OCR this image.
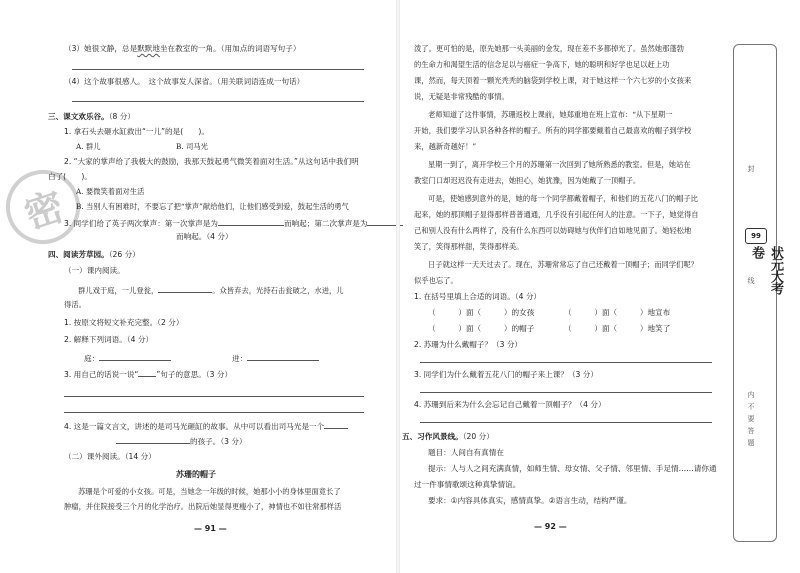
密
（3）她很文静，总是默默地坐在教室的一角。（用加点的词语写句子）
（4）这个故事很感人。　这个故事发人深省。（用关联词语连成一句话）
三、课文欢乐谷。（8 分）
1. 拿石头去砸水缸救出“一儿”的是(　　)。
A. 群儿	B. 司马光
2. “大家的掌声给了我极大的鼓励，我那天鼓起勇气微笑着面对生活。”从这句话中我们明
白了(　　)。
A. 要微笑着面对生活
B. 当别人有困难时，不要忘了把“掌声”献给他们，让他们感受到爱，鼓起生活的勇气
3. 同学们给了英子两次掌声：第一次掌声是为	而响起；第二次掌声是为
而响起。（4 分）
四、阅读芳草园。（26 分）
（一）课内阅读。
群儿戏于庭，一儿登瓮，	。众皆弃去，光持石击瓮破之，水迸，儿
得活。
1. 按原文将短文补充完整。（2 分）
2. 解释下列词语。（4 分）
庭：	迸：
3. 用自己的话说一说“ ”句子的意思。（3 分）
4. 这是一篇文言文，讲述的是司马光砸缸的故事。从中可以看出司马光是一个
的孩子。（3 分）
（二）课外阅读。（14 分）
苏珊的帽子
苏珊是个可爱的小女孩。可是，当她念一年级的时候，她那小小的身体里面竟长了
肿瘤，并住院接受三个月的化学治疗。出院后她显得更瘦小了，神情也不如往常那样活
— 91 —
泼了。更可怕的是，原先她那一头美丽的金发，现在差不多都掉光了。虽然她那蓬勃
的生命力和渴望生活的信念足以与癌症一争高下，她的聪明和好学也足以赶上功
课，然而，每天顶着一颗光秃秃的脑袋到学校上课，对于她这样一个六七岁的小女孩来
说，无疑是非常残酷的事情。
老师知道了这件事情，苏珊返校上课前，她郑重地在班上宣布：“从下星期一
开始，我们要学习认识各种各样的帽子。所有的同学都要戴着自己最喜欢的帽子到学校
来，越新奇越好！”
星期一到了，离开学校三个月的苏珊第一次回到了她所熟悉的教室。但是，她站在
教室门口却迟迟没有走进去，她担心，她犹豫，因为她戴了一顶帽子。
可是，使她感到意外的是，她的每一个同学都戴着帽子，和他们的五花八门的帽子比
起来，她的那顶帽子显得那样普普通通，几乎没有引起任何人的注意。一下子，她觉得自
己和别人没有什么两样了，没有什么东西可以妨碍她与伙伴们自如地见面了。她轻松地
笑了，笑得那样甜，笑得那样美。
日子就这样一天天过去了。现在，苏珊常常忘了自己还戴着一顶帽子；而同学们呢？
似乎也忘了。
1. 在括号里填上合适的词语。（4 分）
（　　　）面（　　　）的女孩	（　　　）面（　　　）地宣布
（　　　）面（　　　）的帽子	（　　　）面（　　　）地笑了
2. 苏珊为什么戴帽子？（3 分）
3. 同学们为什么戴着五花八门的帽子来上课？（3 分）
4. 苏珊到后来为什么会忘记自己戴着一顶帽子？（4 分）
五、习作风景线。（20 分）
题目：人间自有真情在
提示：人与人之间充满真情，如师生情、母女情、父子情、邻里情、手足情……请你通
过一件事情歌颂这种真挚情谊。
要求：①内容具体真实，感情真挚。②语言生动，结构严谨。
— 92 —
封
线
内
不
要
答
题
99
状元大考卷
